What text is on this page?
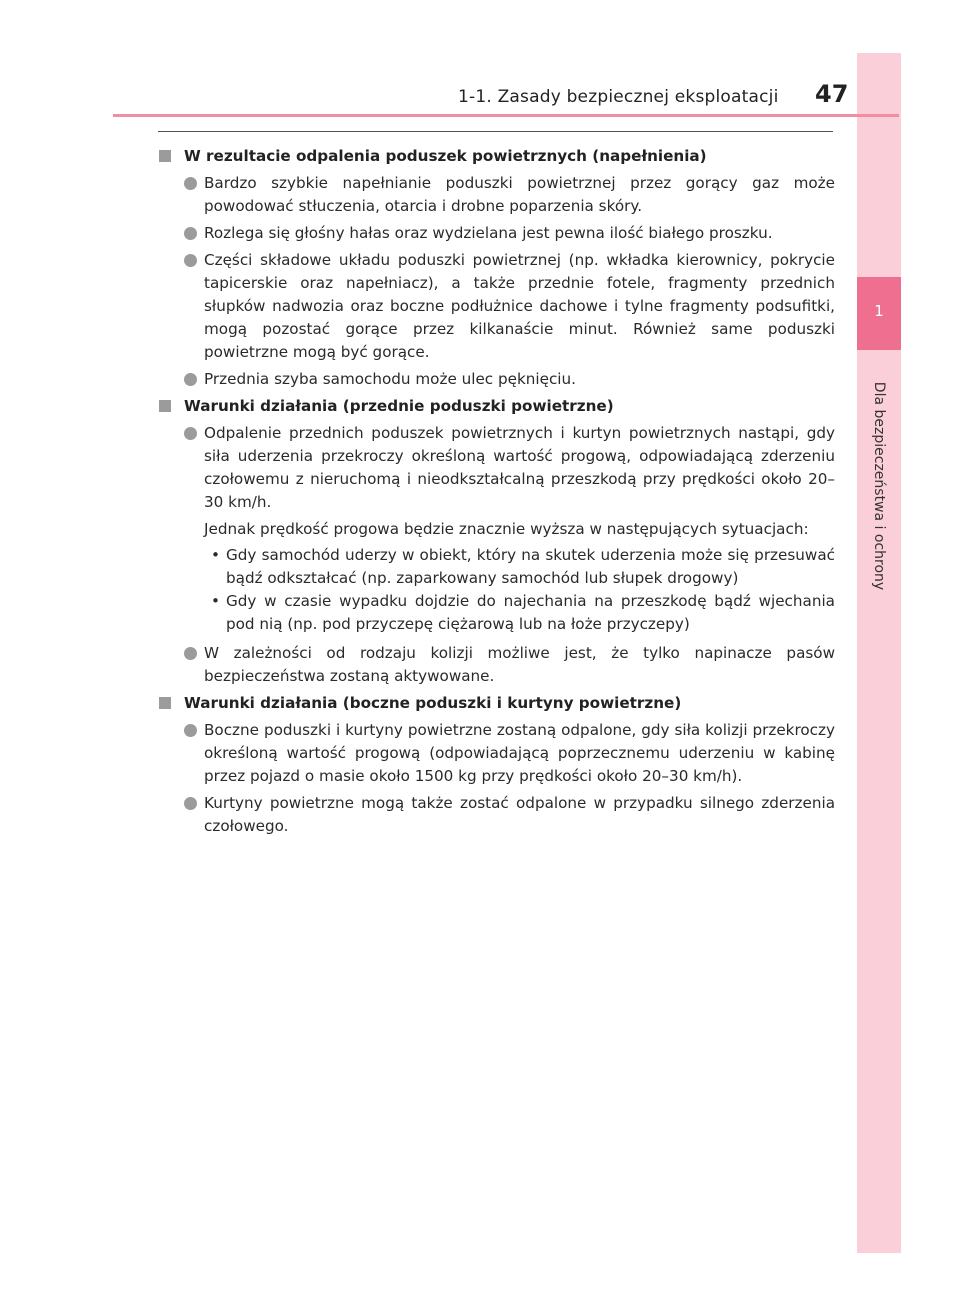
1
Dla bezpieczeństwa i ochrony
1-1. Zasady bezpiecznej eksploatacji 47
W rezultacie odpalenia poduszek powietrznych (napełnienia)
Bardzo szybkie napełnianie poduszki powietrznej przez gorący gaz może powodować stłuczenia, otarcia i drobne poparzenia skóry.
Rozlega się głośny hałas oraz wydzielana jest pewna ilość białego proszku.
Części składowe układu poduszki powietrznej (np. wkładka kierownicy, pokrycie tapicerskie oraz napełniacz), a także przednie fotele, fragmenty przednich słupków nadwozia oraz boczne podłużnice dachowe i tylne fragmenty podsufitki, mogą pozostać gorące przez kilkanaście minut. Również same poduszki powietrzne mogą być gorące.
Przednia szyba samochodu może ulec pęknięciu.
Warunki działania (przednie poduszki powietrzne)
Odpalenie przednich poduszek powietrznych i kurtyn powietrznych nastąpi, gdy siła uderzenia przekroczy określoną wartość progową, odpowiadającą zderzeniu czołowemu z nieruchomą i nieodkształcalną przeszkodą przy prędkości około 20–30 km/h.
Jednak prędkość progowa będzie znacznie wyższa w następujących sytuacjach:
• Gdy samochód uderzy w obiekt, który na skutek uderzenia może się przesuwać bądź odkształcać (np. zaparkowany samochód lub słupek drogowy)
• Gdy w czasie wypadku dojdzie do najechania na przeszkodę bądź wjechania pod nią (np. pod przyczepę ciężarową lub na łoże przyczepy)
W zależności od rodzaju kolizji możliwe jest, że tylko napinacze pasów bezpieczeństwa zostaną aktywowane.
Warunki działania (boczne poduszki i kurtyny powietrzne)
Boczne poduszki i kurtyny powietrzne zostaną odpalone, gdy siła kolizji przekroczy określoną wartość progową (odpowiadającą poprzecznemu uderzeniu w kabinę przez pojazd o masie około 1500 kg przy prędkości około 20–30 km/h).
Kurtyny powietrzne mogą także zostać odpalone w przypadku silnego zderzenia czołowego.
